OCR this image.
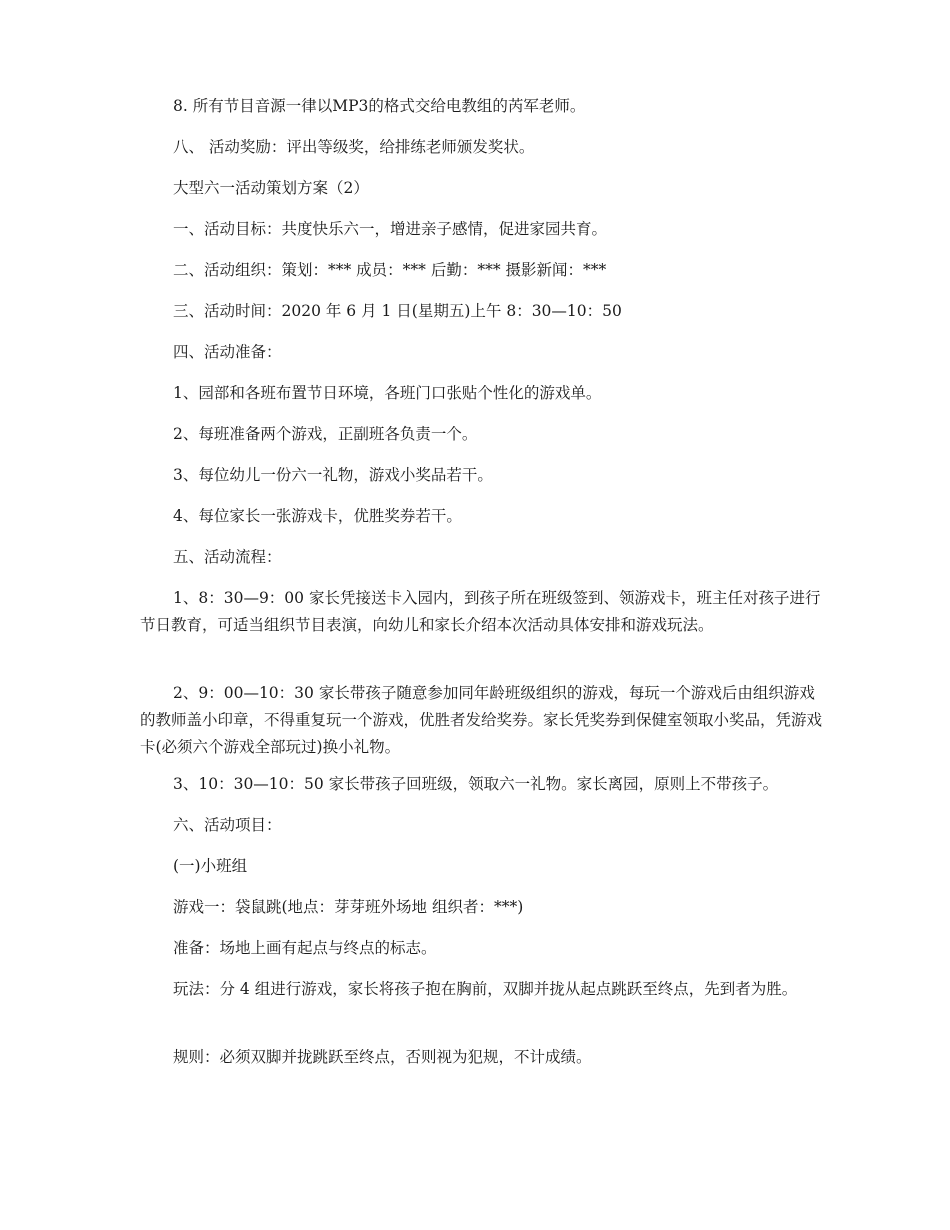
8. 所有节目音源一律以MP3的格式交给电教组的芮军老师。

八、 活动奖励：评出等级奖，给排练老师颁发奖状。

大型六一活动策划方案（2）

一、活动目标：共度快乐六一，增进亲子感情，促进家园共育。

二、活动组织：策划：*** 成员：*** 后勤：*** 摄影新闻：***

三、活动时间：2020 年 6 月 1 日(星期五)上午 8：30—10：50

四、活动准备：

1、园部和各班布置节日环境，各班门口张贴个性化的游戏单。

2、每班准备两个游戏，正副班各负责一个。

3、每位幼儿一份六一礼物，游戏小奖品若干。

4、每位家长一张游戏卡，优胜奖券若干。

五、活动流程：

1、8：30—9：00 家长凭接送卡入园内，到孩子所在班级签到、领游戏卡，班主任对孩子进行节日教育，可适当组织节目表演，向幼儿和家长介绍本次活动具体安排和游戏玩法。

2、9：00—10：30 家长带孩子随意参加同年龄班级组织的游戏，每玩一个游戏后由组织游戏的教师盖小印章，不得重复玩一个游戏，优胜者发给奖券。家长凭奖券到保健室领取小奖品，凭游戏卡(必须六个游戏全部玩过)换小礼物。

3、10：30—10：50 家长带孩子回班级，领取六一礼物。家长离园，原则上不带孩子。

六、活动项目：

(一)小班组

游戏一：袋鼠跳(地点：芽芽班外场地 组织者：***)

准备：场地上画有起点与终点的标志。

玩法：分 4 组进行游戏，家长将孩子抱在胸前，双脚并拢从起点跳跃至终点，先到者为胜。

规则：必须双脚并拢跳跃至终点，否则视为犯规，不计成绩。
